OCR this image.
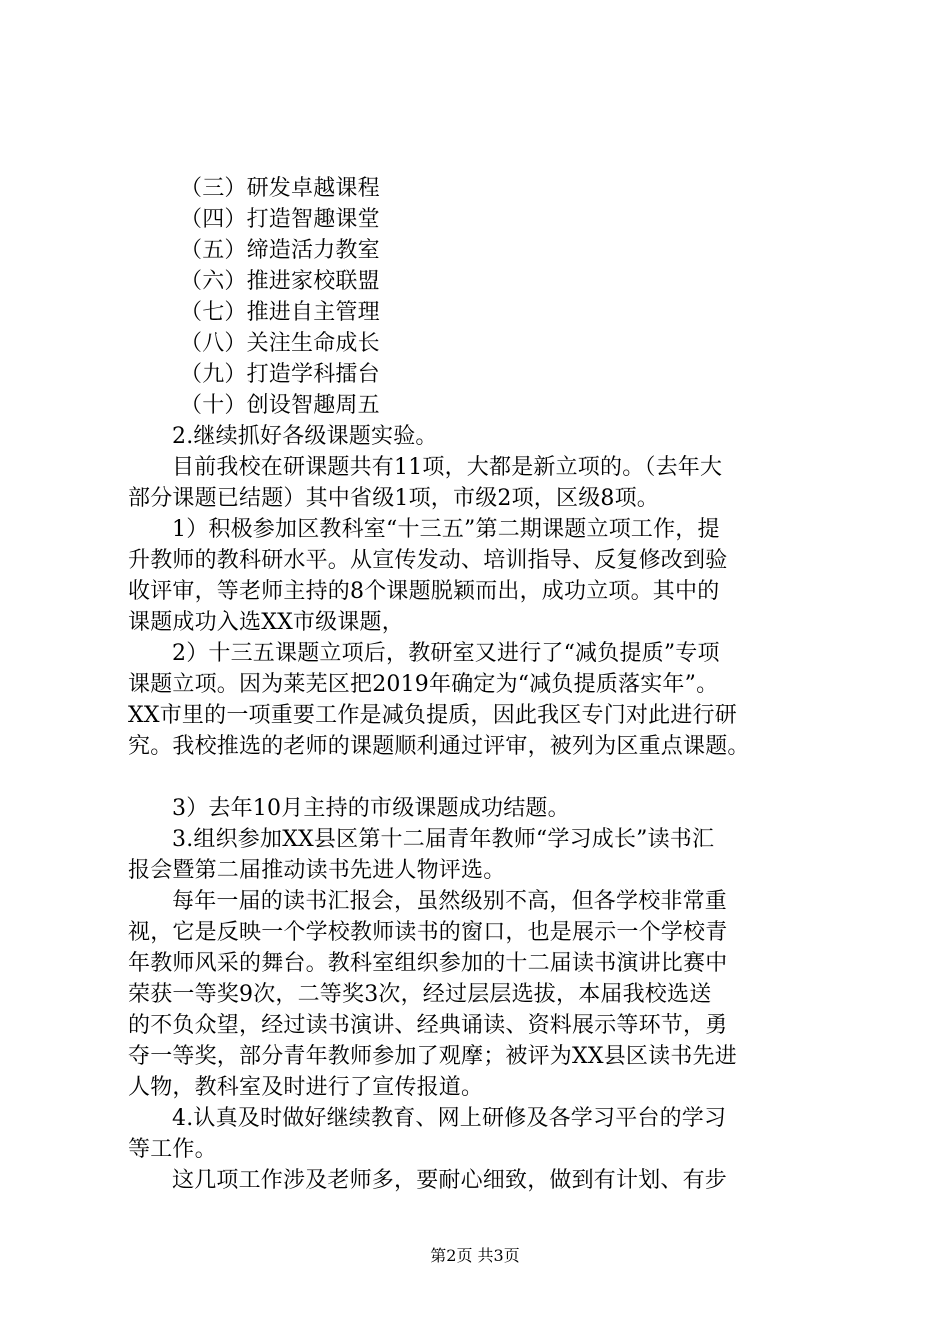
（三）研发卓越课程
（四）打造智趣课堂
（五）缔造活力教室
（六）推进家校联盟
（七）推进自主管理
（八）关注生命成长
（九）打造学科擂台
（十）创设智趣周五
2.继续抓好各级课题实验。
目前我校在研课题共有11项，大都是新立项的。（去年大
部分课题已结题）其中省级1项，市级2项，区级8项。
1）积极参加区教科室“十三五”第二期课题立项工作，提
升教师的教科研水平。从宣传发动、培训指导、反复修改到验
收评审，等老师主持的8个课题脱颖而出，成功立项。其中的
课题成功入选XX市级课题，
2）十三五课题立项后，教研室又进行了“减负提质”专项
课题立项。因为莱芜区把2019年确定为“减负提质落实年”。
XX市里的一项重要工作是减负提质，因此我区专门对此进行研
究。我校推选的老师的课题顺利通过评审，被列为区重点课题。
3）去年10月主持的市级课题成功结题。
3.组织参加XX县区第十二届青年教师“学习成长”读书汇
报会暨第二届推动读书先进人物评选。
每年一届的读书汇报会，虽然级别不高，但各学校非常重
视，它是反映一个学校教师读书的窗口，也是展示一个学校青
年教师风采的舞台。教科室组织参加的十二届读书演讲比赛中
荣获一等奖9次，二等奖3次，经过层层选拔，本届我校选送
的不负众望，经过读书演讲、经典诵读、资料展示等环节，勇
夺一等奖，部分青年教师参加了观摩；被评为XX县区读书先进
人物，教科室及时进行了宣传报道。
4.认真及时做好继续教育、网上研修及各学习平台的学习
等工作。
这几项工作涉及老师多，要耐心细致，做到有计划、有步
第2页 共3页
